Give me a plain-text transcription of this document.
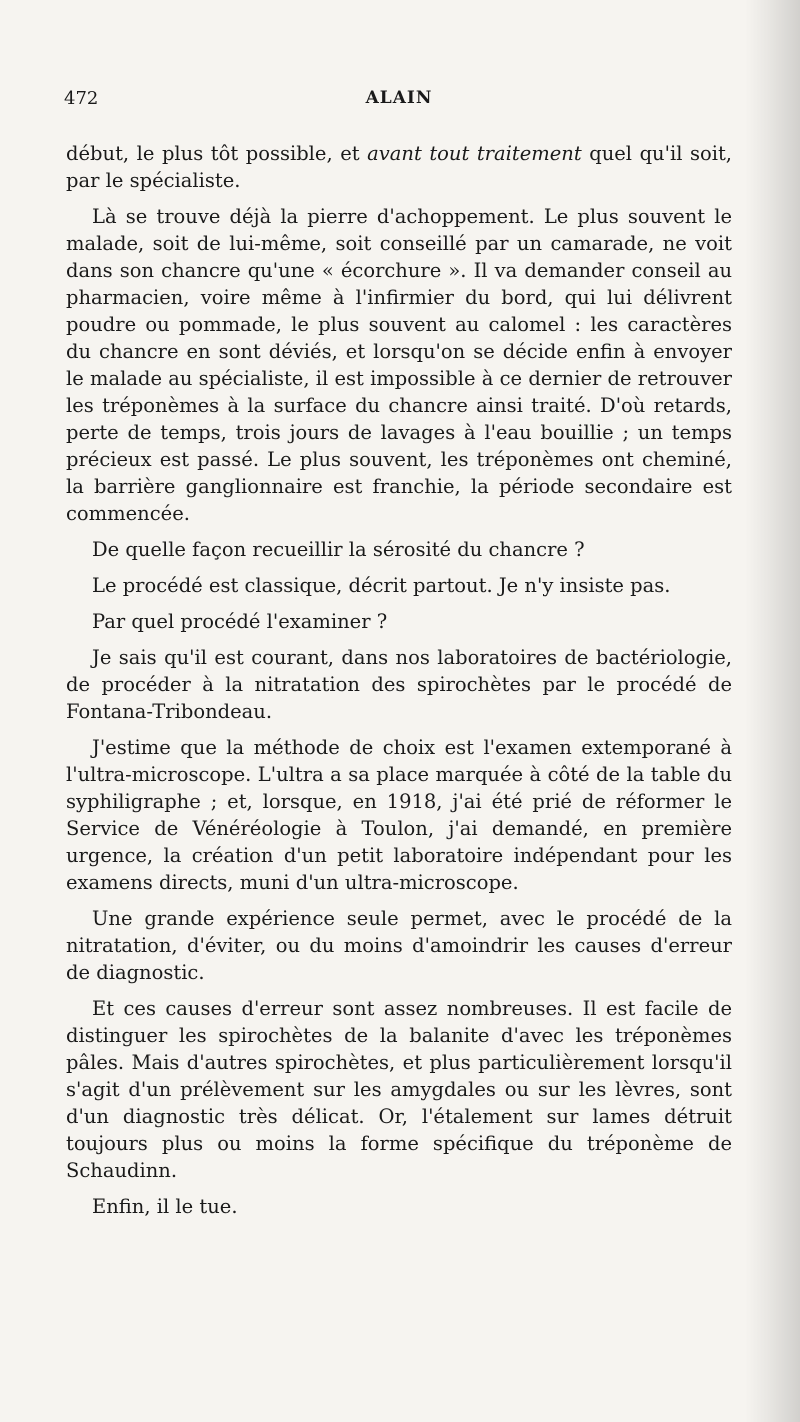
472	ALAIN

début, le plus tôt possible, et avant tout traitement quel qu'il soit, par le spécialiste.

Là se trouve déjà la pierre d'achoppement. Le plus souvent le malade, soit de lui-même, soit conseillé par un camarade, ne voit dans son chancre qu'une « écorchure ». Il va demander conseil au pharmacien, voire même à l'infirmier du bord, qui lui délivrent poudre ou pommade, le plus souvent au calomel : les caractères du chancre en sont déviés, et lorsqu'on se décide enfin à envoyer le malade au spécialiste, il est impossible à ce dernier de retrouver les tréponèmes à la surface du chancre ainsi traité. D'où retards, perte de temps, trois jours de lavages à l'eau bouillie ; un temps précieux est passé. Le plus souvent, les tréponèmes ont cheminé, la barrière ganglionnaire est franchie, la période secondaire est commencée.

De quelle façon recueillir la sérosité du chancre ?

Le procédé est classique, décrit partout. Je n'y insiste pas.

Par quel procédé l'examiner ?

Je sais qu'il est courant, dans nos laboratoires de bactériologie, de procéder à la nitratation des spirochètes par le procédé de Fontana-Tribondeau.

J'estime que la méthode de choix est l'examen extemporané à l'ultra-microscope. L'ultra a sa place marquée à côté de la table du syphiligraphe ; et, lorsque, en 1918, j'ai été prié de réformer le Service de Vénéréologie à Toulon, j'ai demandé, en première urgence, la création d'un petit laboratoire indépendant pour les examens directs, muni d'un ultra-microscope.

Une grande expérience seule permet, avec le procédé de la nitratation, d'éviter, ou du moins d'amoindrir les causes d'erreur de diagnostic.

Et ces causes d'erreur sont assez nombreuses. Il est facile de distinguer les spirochètes de la balanite d'avec les tréponèmes pâles. Mais d'autres spirochètes, et plus particulièrement lorsqu'il s'agit d'un prélèvement sur les amygdales ou sur les lèvres, sont d'un diagnostic très délicat. Or, l'étalement sur lames détruit toujours plus ou moins la forme spécifique du tréponème de Schaudinn.

Enfin, il le tue.
